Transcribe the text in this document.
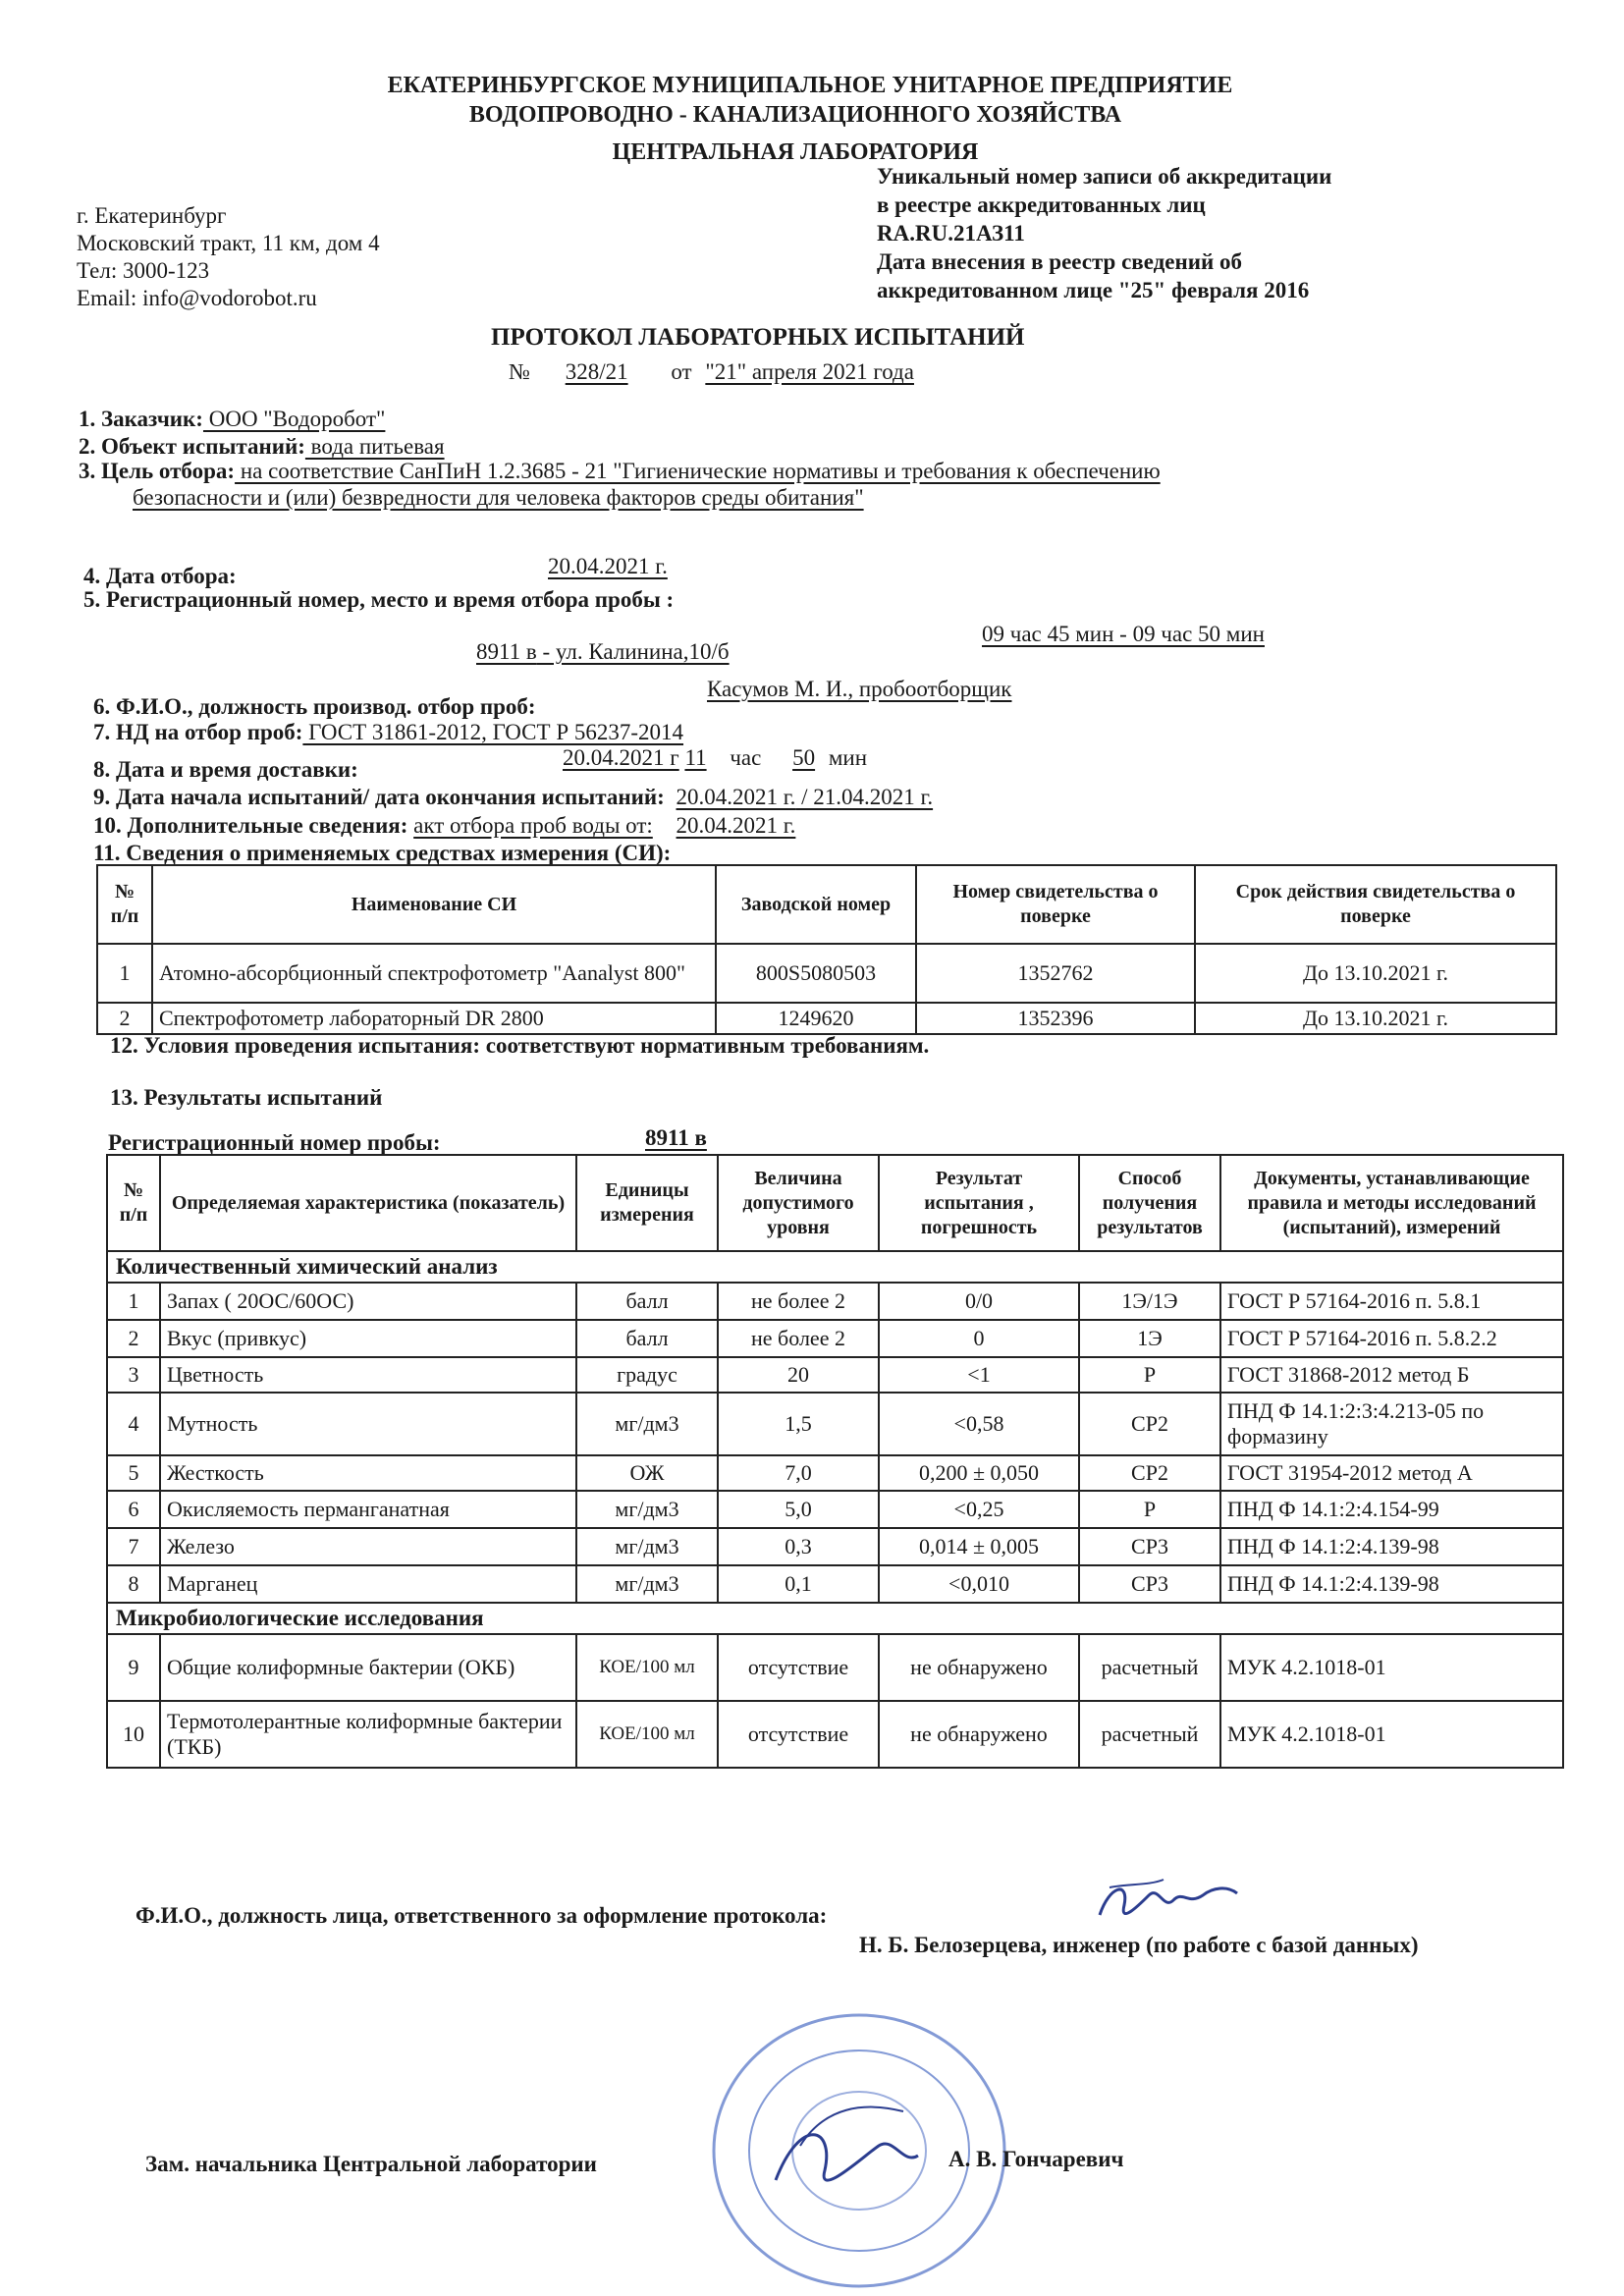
ЕКАТЕРИНБУРГСКОЕ МУНИЦИПАЛЬНОЕ УНИТАРНОЕ ПРЕДПРИЯТИЕ
ВОДОПРОВОДНО - КАНАЛИЗАЦИОННОГО ХОЗЯЙСТВА
ЦЕНТРАЛЬНАЯ ЛАБОРАТОРИЯ
г. Екатеринбург
Московский тракт, 11 км, дом 4
Тел: 3000-123
Email: info@vodorobot.ru
Уникальный номер записи об аккредитации
в реестре аккредитованных лиц
RA.RU.21АЗ11
Дата внесения в реестр сведений об
аккредитованном лице "25" февраля 2016
ПРОТОКОЛ ЛАБОРАТОРНЫХ ИСПЫТАНИЙ
№ 328/21 от "21" апреля 2021 года
1. Заказчик: ООО "Водоробот"
2. Объект испытаний: вода питьевая
3. Цель отбора: на соответствие СанПиН 1.2.3685 - 21 "Гигиенические нормативы и требования к обеспечению
безопасности и (или) безвредности для человека факторов среды обитания"
4. Дата отбора:	20.04.2021 г.
5. Регистрационный номер, место и время отбора пробы :
8911 в - ул. Калинина,10/б
09 час 45 мин - 09 час 50 мин
6. Ф.И.О., должность производ. отбор проб:
Касумов М. И., пробоотборщик
7. НД на отбор проб: ГОСТ 31861-2012, ГОСТ Р 56237-2014
8. Дата и время доставки:	20.04.2021 г 11 час 50 мин
9. Дата начала испытаний/ дата окончания испытаний: 20.04.2021 г. / 21.04.2021 г.
10. Дополнительные сведения: акт отбора проб воды от: 20.04.2021 г.
11. Сведения о применяемых средствах измерения (СИ):
№ п/п	Наименование СИ	Заводской номер	Номер свидетельства о поверке	Срок действия свидетельства о поверке
1	Атомно-абсорбционный спектрофотометр "Aanalyst 800"	800S5080503	1352762	До 13.10.2021 г.
2	Спектрофотометр лабораторный DR 2800	1249620	1352396	До 13.10.2021 г.
12. Условия проведения испытания: соответствуют нормативным требованиям.
13. Результаты испытаний
Регистрационный номер пробы:	8911 в
№ п/п	Определяемая характеристика (показатель)	Единицы измерения	Величина допустимого уровня	Результат испытания , погрешность	Способ получения результатов	Документы, устанавливающие правила и методы исследований (испытаний), измерений
Количественный химический анализ						
1	Запах ( 20ОС/60ОС)	балл	не более 2	0/0	1Э/1Э	ГОСТ Р 57164-2016 п. 5.8.1
2	Вкус (привкус)	балл	не более 2	0	1Э	ГОСТ Р 57164-2016 п. 5.8.2.2
3	Цветность	градус	20	<1	Р	ГОСТ 31868-2012 метод Б
4	Мутность	мг/дм3	1,5	<0,58	СР2	ПНД Ф 14.1:2:3:4.213-05 по формазину
5	Жесткость	ОЖ	7,0	0,200 ± 0,050	СР2	ГОСТ 31954-2012 метод А
6	Окисляемость перманганатная	мг/дм3	5,0	<0,25	Р	ПНД Ф 14.1:2:4.154-99
7	Железо	мг/дм3	0,3	0,014 ± 0,005	СР3	ПНД Ф 14.1:2:4.139-98
8	Марганец	мг/дм3	0,1	<0,010	СР3	ПНД Ф 14.1:2:4.139-98
Микробиологические исследования						
9	Общие колиформные бактерии (ОКБ)	КОЕ/100 мл	отсутствие	не обнаружено	расчетный	МУК 4.2.1018-01
10	Термотолерантные колиформные бактерии (ТКБ)	КОЕ/100 мл	отсутствие	не обнаружено	расчетный	МУК 4.2.1018-01
Ф.И.О., должность лица, ответственного за оформление протокола:
Н. Б. Белозерцева, инженер (по работе с базой данных)
Зам. начальника Центральной лаборатории	А. В. Гончаревич
